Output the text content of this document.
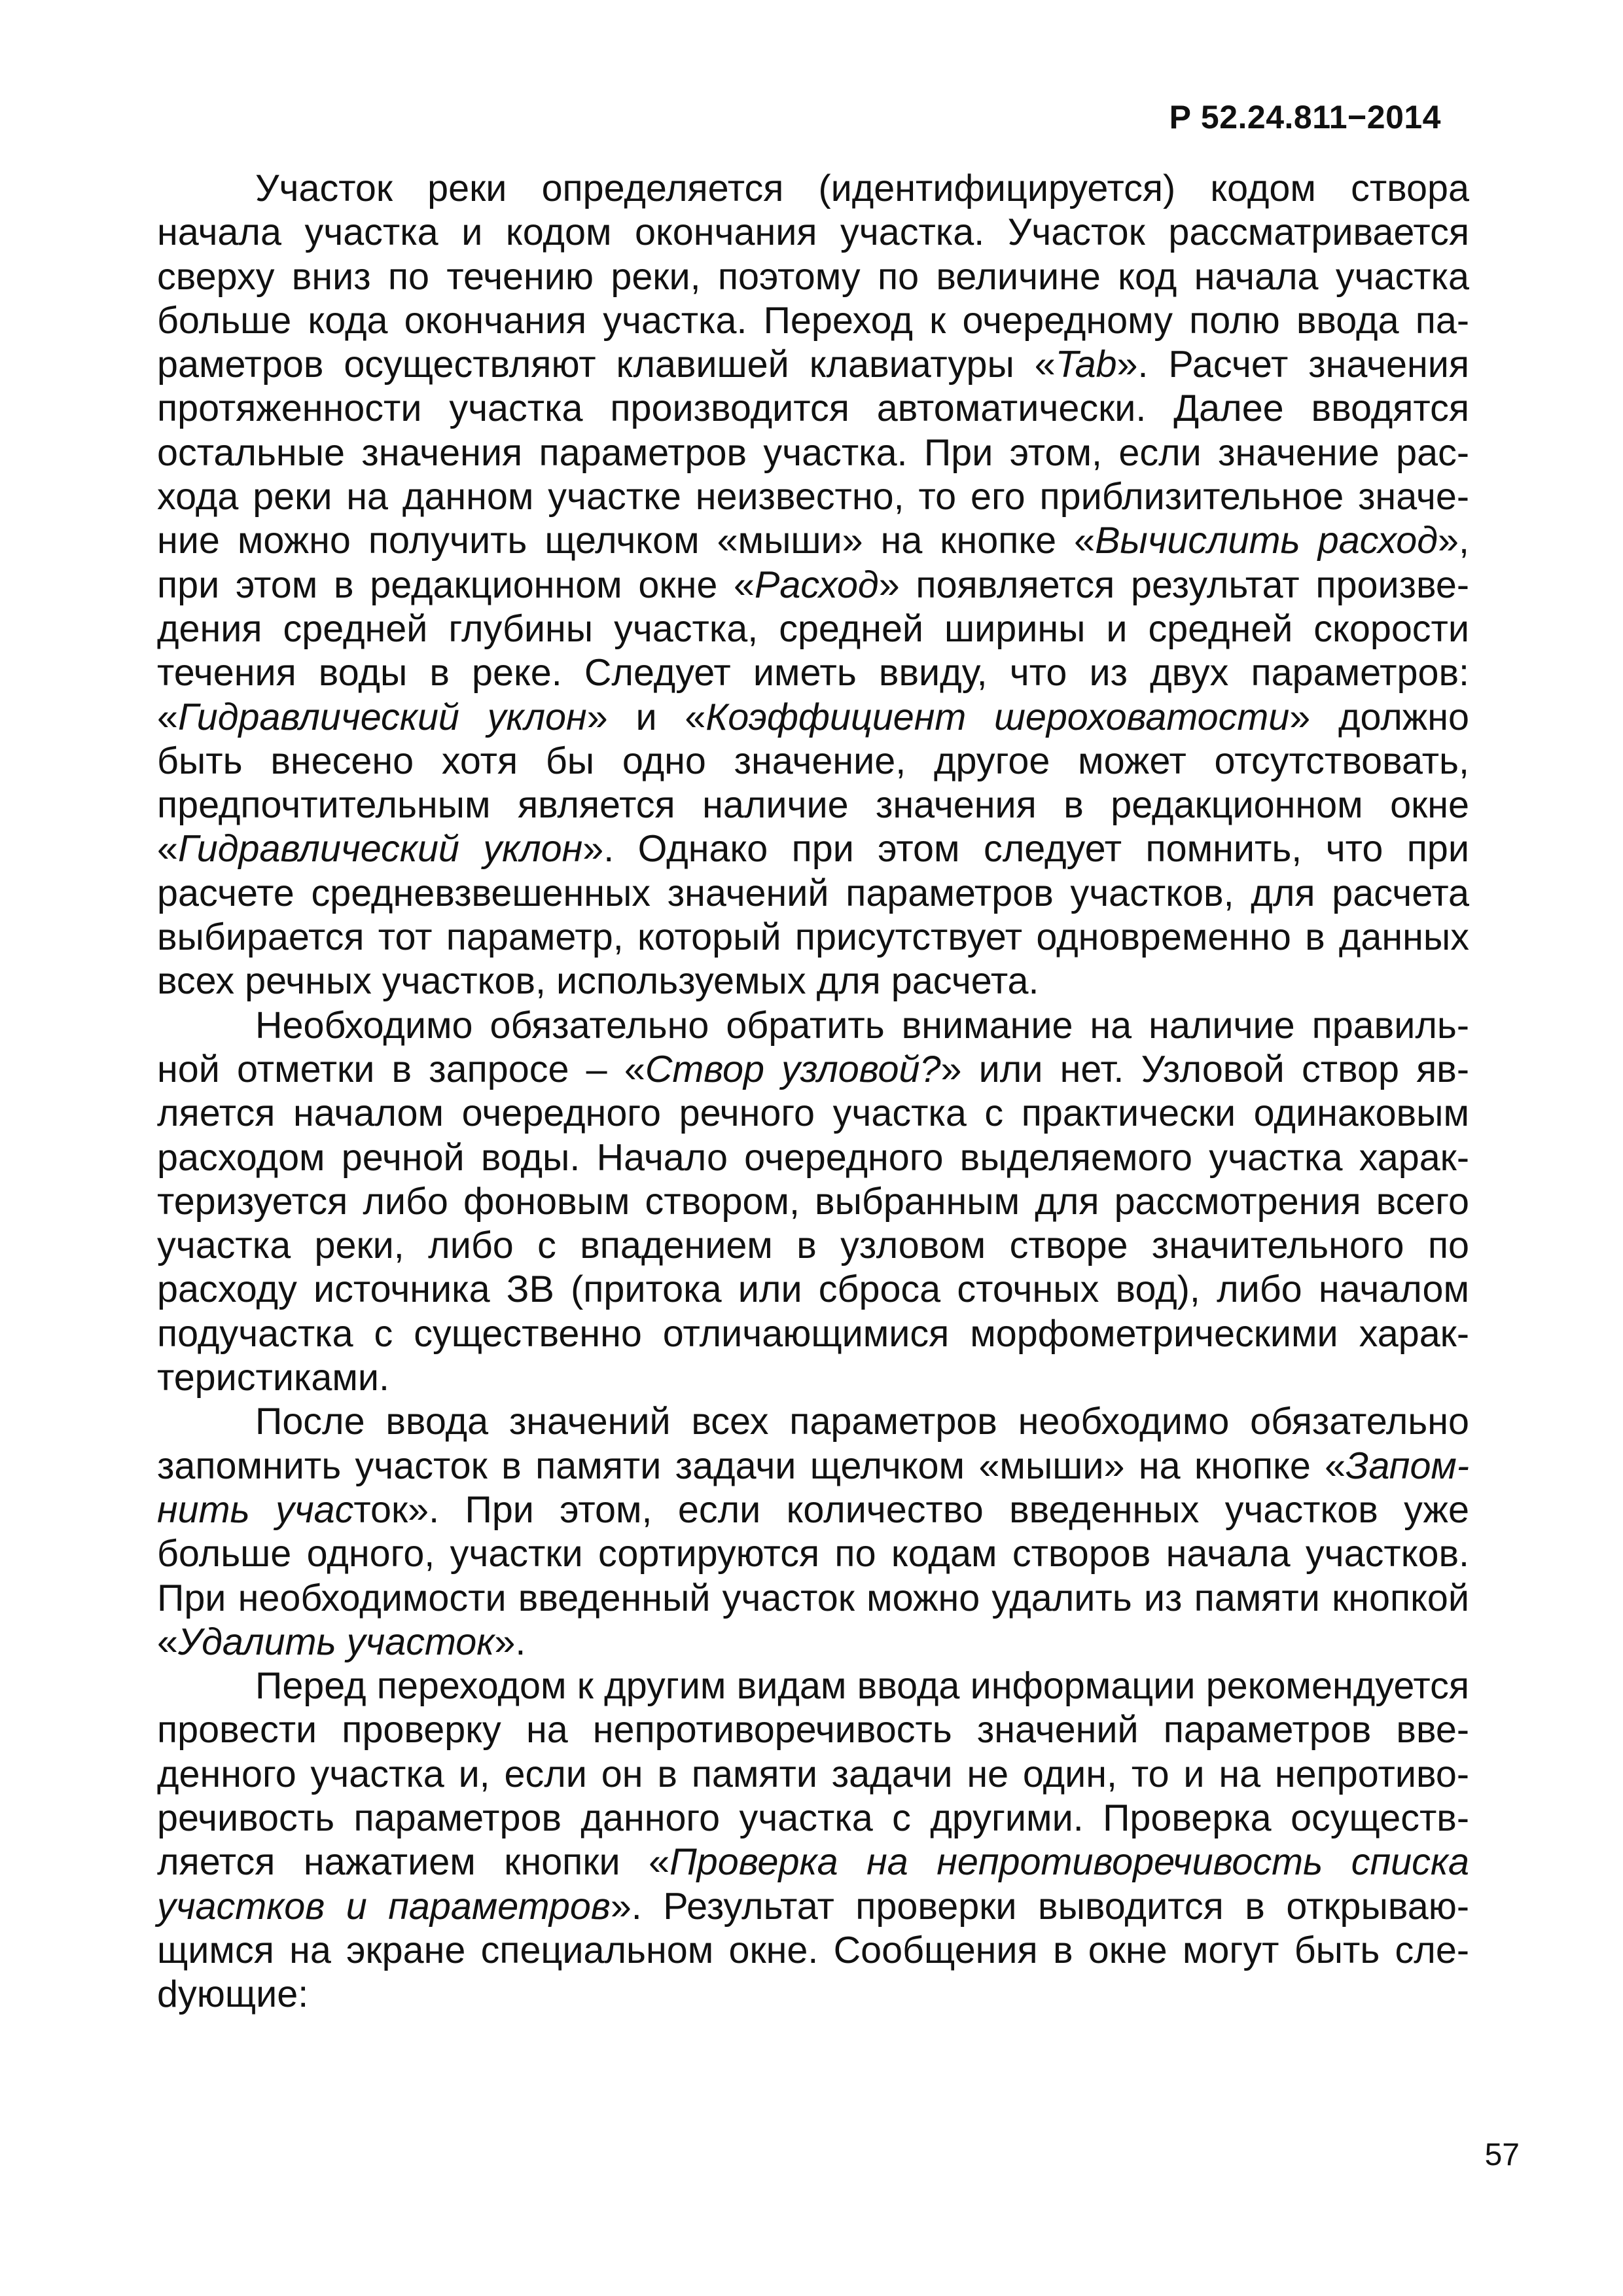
Р 52.24.811−2014

Участок реки определяется (идентифицируется) кодом створа начала участка и кодом окончания участка. Участок рассматривается сверху вниз по течению реки, поэтому по величине код начала участка больше кода окончания участка. Переход к очередному полю ввода параметров осуществляют клавишей клавиатуры «Tab». Расчет значения протяженности участка производится автоматически. Далее вводятся остальные значения параметров участка. При этом, если значение расхода реки на данном участке неизвестно, то его приблизительное значение можно получить щелчком «мыши» на кнопке «Вычислить расход», при этом в редакционном окне «Расход» появляется результат произведения средней глубины участка, средней ширины и средней скорости течения воды в реке. Следует иметь ввиду, что из двух параметров: «Гидравлический уклон» и «Коэффициент шероховатости» должно быть внесено хотя бы одно значение, другое может отсутствовать, предпочтительным является наличие значения в редакционном окне «Гидравлический уклон». Однако при этом следует помнить, что при расчете средневзвешенных значений параметров участков, для расчета выбирается тот параметр, который присутствует одновременно в данных всех речных участков, используемых для расчета.

Необходимо обязательно обратить внимание на наличие правильной отметки в запросе – «Створ узловой?» или нет. Узловой створ является началом очередного речного участка с практически одинаковым расходом речной воды. Начало очередного выделяемого участка характеризуется либо фоновым створом, выбранным для рассмотрения всего участка реки, либо с впадением в узловом створе значительного по расходу источника ЗВ (притока или сброса сточных вод), либо началом подучастка с существенно отличающимися морфометрическими характеристиками.

После ввода значений всех параметров необходимо обязательно запомнить участок в памяти задачи щелчком «мыши» на кнопке «Запомнить участок». При этом, если количество введенных участков уже больше одного, участки сортируются по кодам створов начала участков. При необходимости введенный участок можно удалить из памяти кнопкой «Удалить участок».

Перед переходом к другим видам ввода информации рекомендуется провести проверку на непротиворечивость значений параметров введенного участка и, если он в памяти задачи не один, то и на непротиворечивость параметров данного участка с другими. Проверка осуществляется нажатием кнопки «Проверка на непротиворечивость списка участков и параметров». Результат проверки выводится в открывающимся на экране специальном окне. Сообщения в окне могут быть слеdующие:

57
